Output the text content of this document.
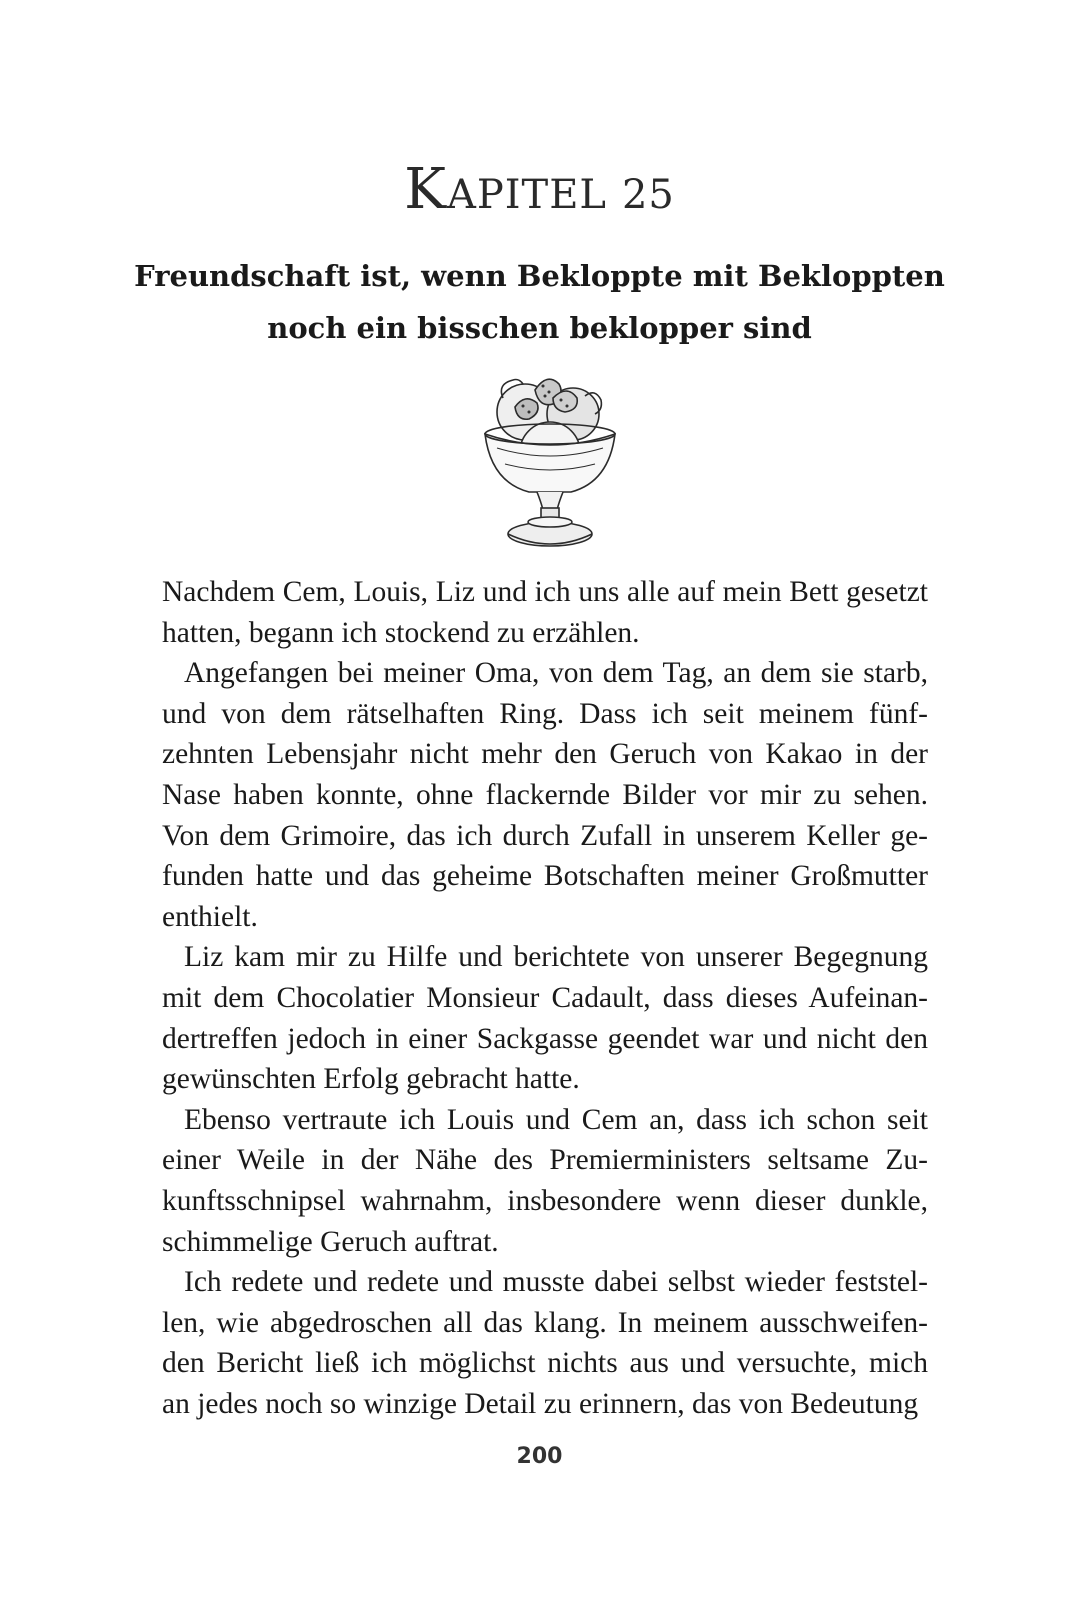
KAPITEL 25
Freundschaft ist, wenn Bekloppte mit Bekloppten
noch ein bisschen beklopper sind

Nachdem Cem, Louis, Liz und ich uns alle auf mein Bett gesetzt
hatten, begann ich stockend zu erzählen.

Angefangen bei meiner Oma, von dem Tag, an dem sie starb,
und von dem rätselhaften Ring. Dass ich seit meinem fünf-
zehnten Lebensjahr nicht mehr den Geruch von Kakao in der
Nase haben konnte, ohne flackernde Bilder vor mir zu sehen.
Von dem Grimoire, das ich durch Zufall in unserem Keller ge-
funden hatte und das geheime Botschaften meiner Großmutter
enthielt.

Liz kam mir zu Hilfe und berichtete von unserer Begegnung
mit dem Chocolatier Monsieur Cadault, dass dieses Aufeinan-
dertreffen jedoch in einer Sackgasse geendet war und nicht den
gewünschten Erfolg gebracht hatte.

Ebenso vertraute ich Louis und Cem an, dass ich schon seit
einer Weile in der Nähe des Premierministers seltsame Zu-
kunftsschnipsel wahrnahm, insbesondere wenn dieser dunkle,
schimmelige Geruch auftrat.

Ich redete und redete und musste dabei selbst wieder feststel-
len, wie abgedroschen all das klang. In meinem ausschweifen-
den Bericht ließ ich möglichst nichts aus und versuchte, mich
an jedes noch so winzige Detail zu erinnern, das von Bedeutung

200
